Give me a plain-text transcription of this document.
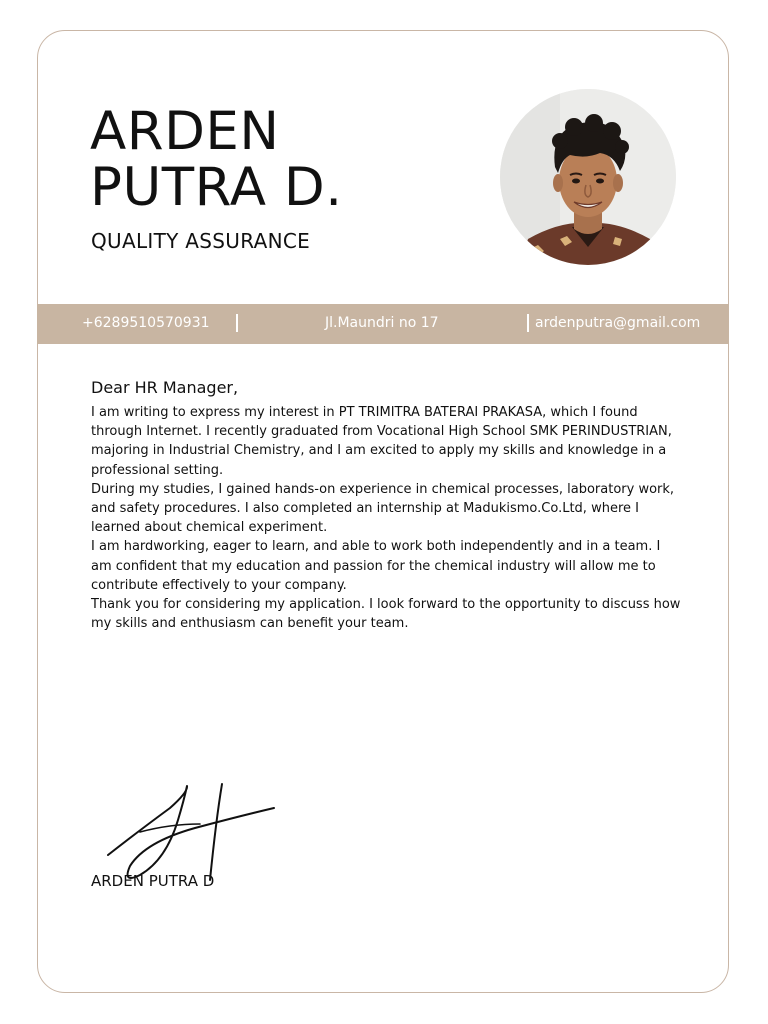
ARDEN
PUTRA D.
QUALITY ASSURANCE
+6289510570931	Jl.Maundri no 17	ardenputra@gmail.com
Dear HR Manager,

I am writing to express my interest in PT TRIMITRA BATERAI PRAKASA, which I found through Internet. I recently graduated from Vocational High School SMK PERINDUSTRIAN, majoring in Industrial Chemistry, and I am excited to apply my skills and knowledge in a professional setting.

During my studies, I gained hands-on experience in chemical processes, laboratory work, and safety procedures. I also completed an internship at Madukismo.Co.Ltd, where I learned about chemical experiment.

I am hardworking, eager to learn, and able to work both independently and in a team. I am confident that my education and passion for the chemical industry will allow me to contribute effectively to your company.

Thank you for considering my application. I look forward to the opportunity to discuss how my skills and enthusiasm can benefit your team.

ARDEN PUTRA D
